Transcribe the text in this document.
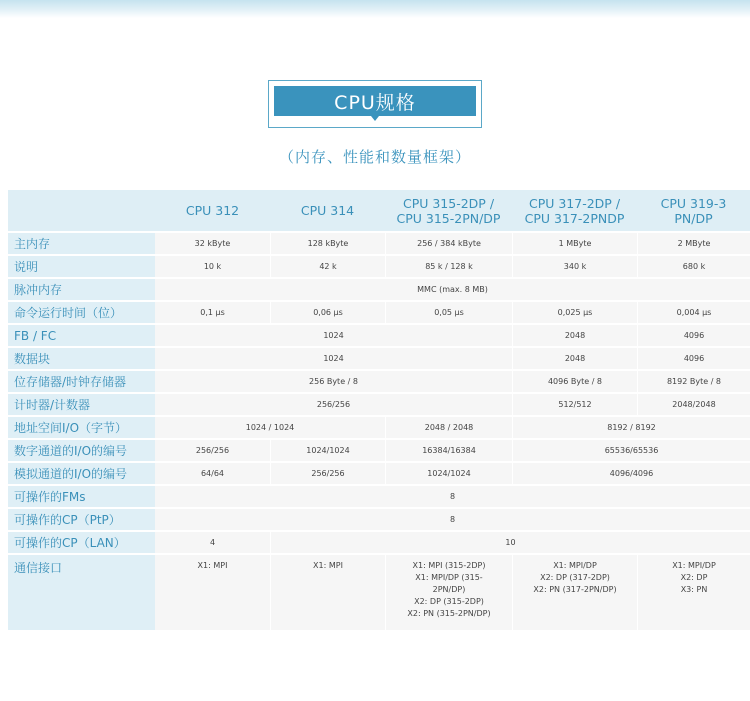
CPU规格
（内存、性能和数量框架）

	CPU 312	CPU 314	CPU 315-2DP /
CPU 315-2PN/DP	CPU 317-2DP /
CPU 317-2PNDP	CPU 319-3
PN/DP

主内存	32 kByte	128 kByte	256 / 384 kByte	1 MByte	2 MByte
说明	10 k	42 k	85 k / 128 k	340 k	680 k
脉冲内存	MMC (max. 8 MB)				
命令运行时间（位）	0,1 µs	0,06 µs	0,05 µs	0,025 µs	0,004 µs
FB / FC	1024			2048	4096
数据块	1024			2048	4096
位存储器/时钟存储器	256 Byte / 8			4096 Byte / 8	8192 Byte / 8
计时器/计数器	256/256			512/512	2048/2048
地址空间I/O（字节）	1024 / 1024		2048 / 2048	8192 / 8192	
数字通道的I/O的编号	256/256	1024/1024	16384/16384	65536/65536	
模拟通道的I/O的编号	64/64	256/256	1024/1024	4096/4096	
可操作的FMs	8				
可操作的CP（PtP）	8				
可操作的CP（LAN）	4	10			
通信接口	X1: MPI	X1: MPI	X1: MPI (315-2DP)
X1: MPI/DP (315-
2PN/DP)
X2: DP (315-2DP)
X2: PN (315-2PN/DP)	X1: MPI/DP
X2: DP (317-2DP)
X2: PN (317-2PN/DP)	X1: MPI/DP
X2: DP
X3: PN
